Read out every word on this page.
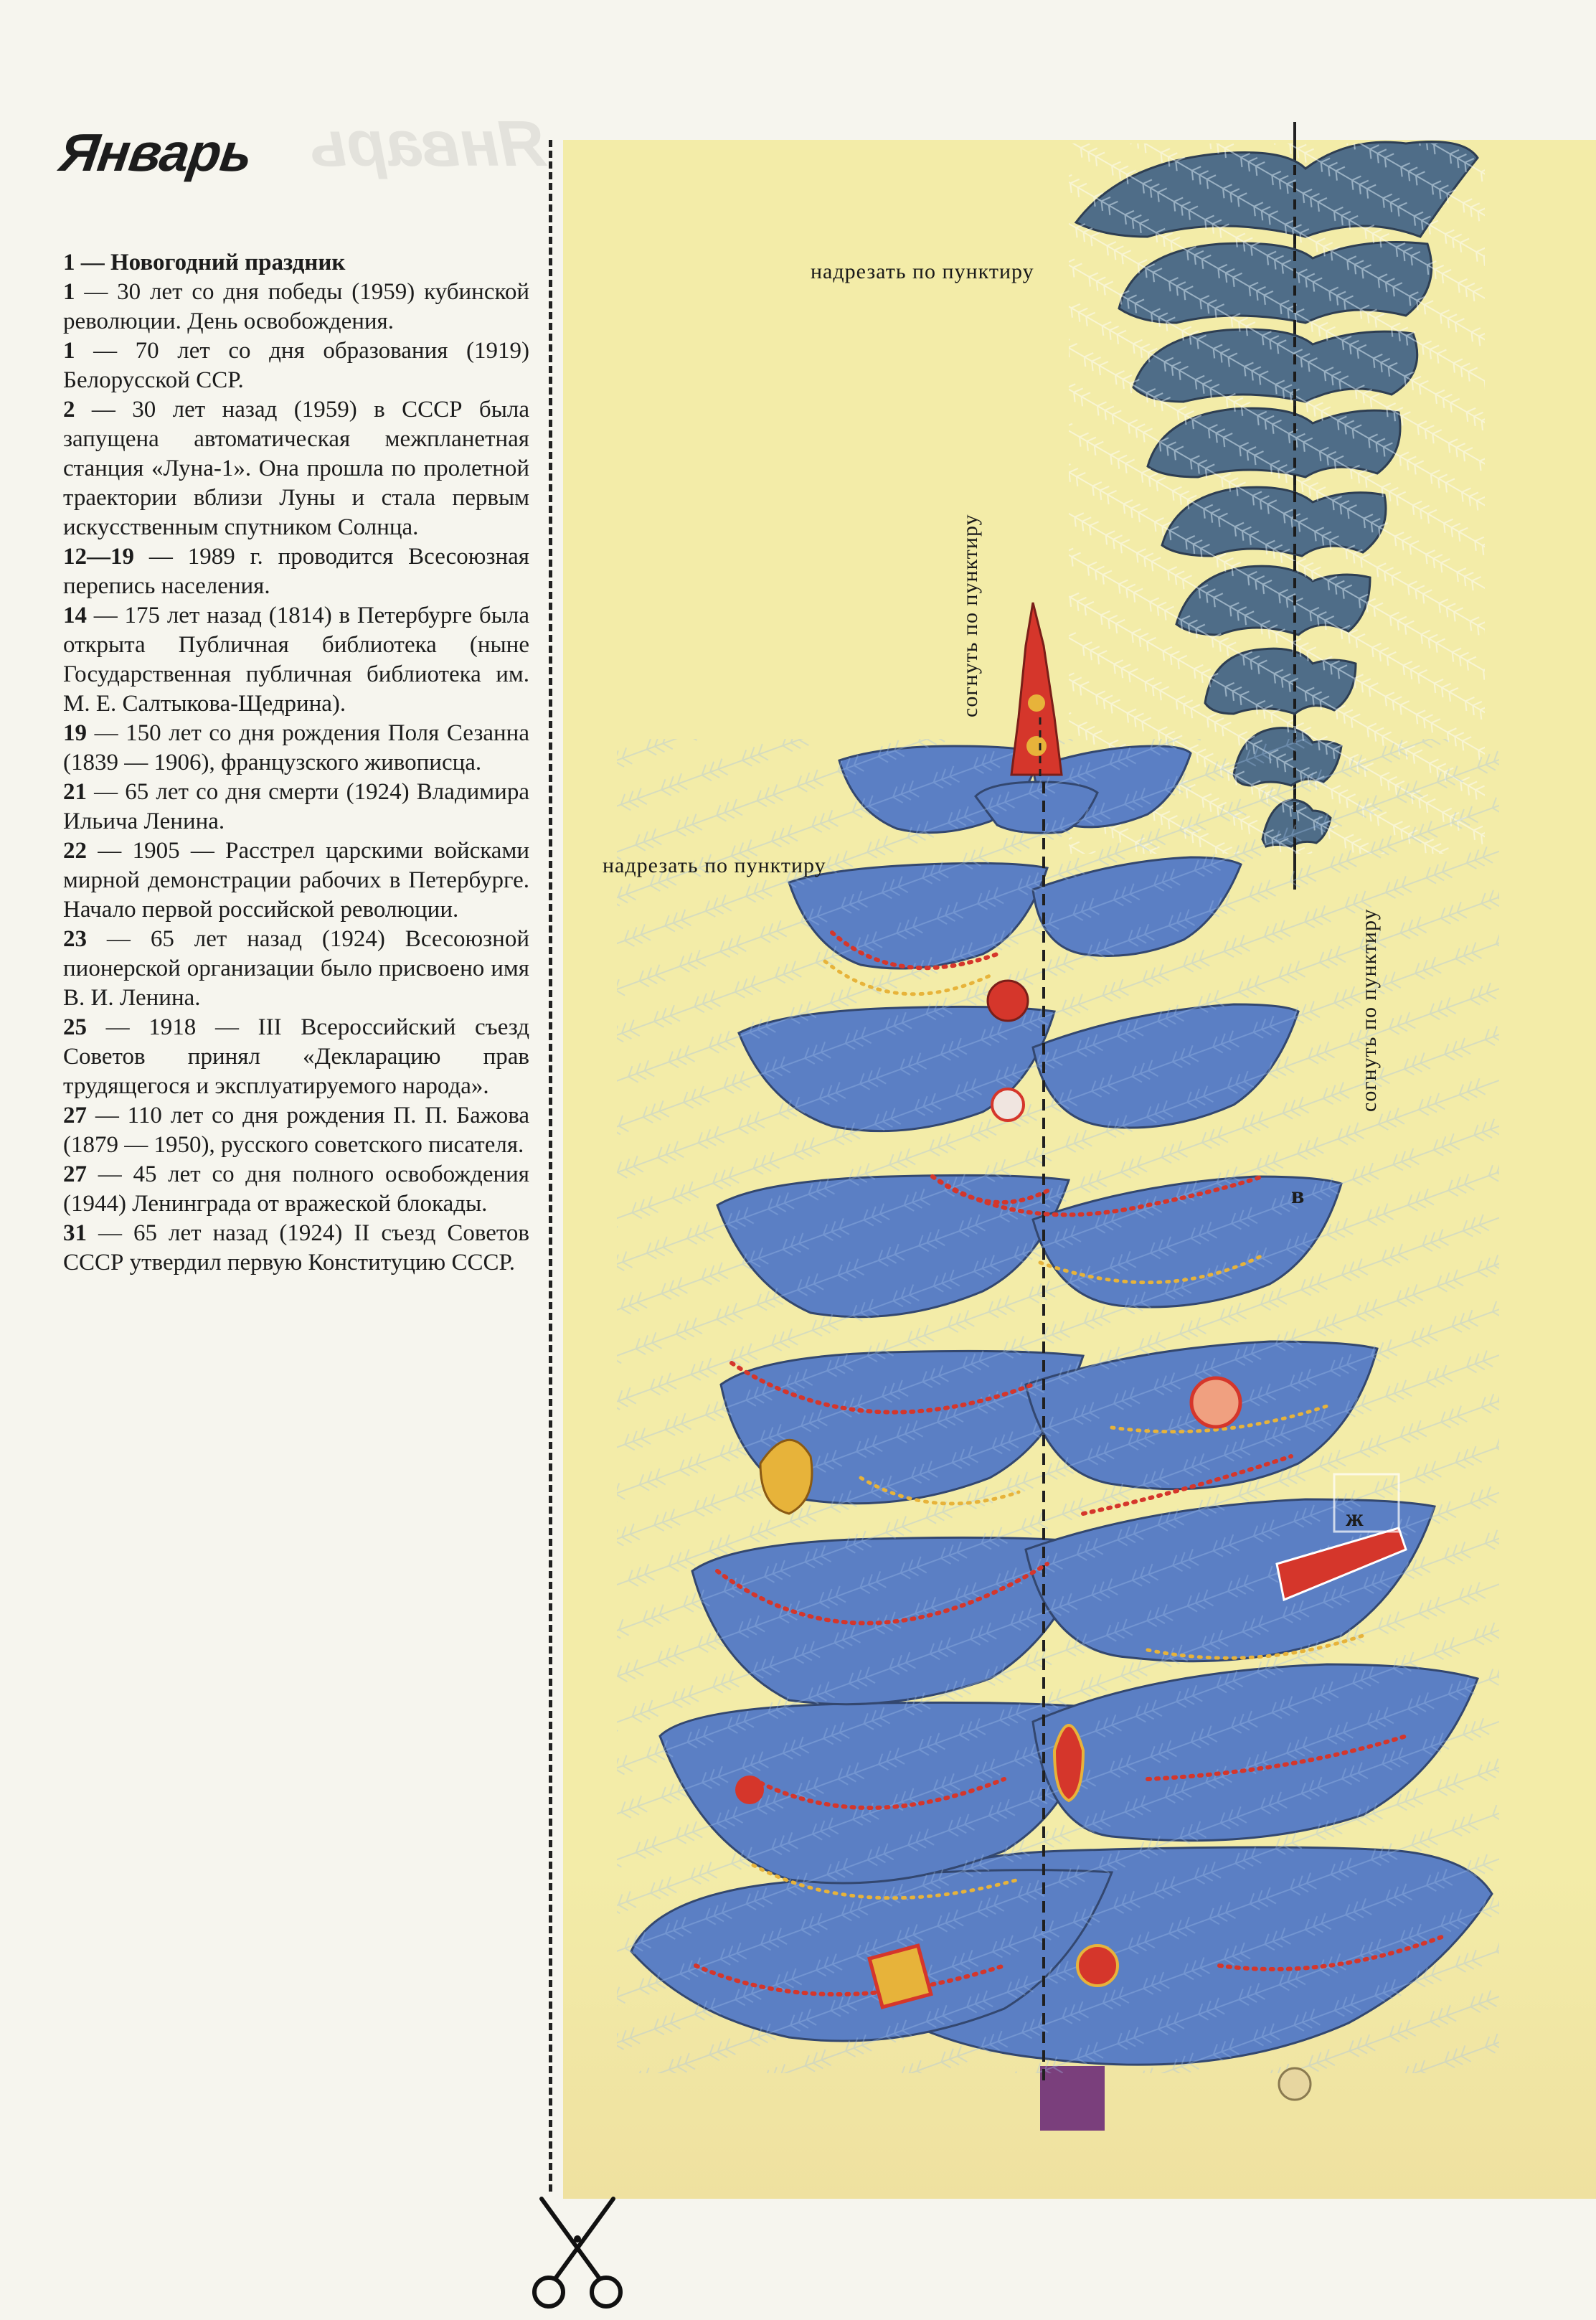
Январь
Январь

1 — Новогодний праздник

1 — 30 лет со дня победы (1959) кубинской революции. День освобождения.

1 — 70 лет со дня образования (1919) Белорусской ССР.

2 — 30 лет назад (1959) в СССР была запущена автоматическая межпланетная станция «Луна-1». Она прошла по пролетной траектории вблизи Луны и стала первым искусственным спутником Солнца.

12—19 — 1989 г. проводится Всесоюзная перепись населения.

14 — 175 лет назад (1814) в Петербурге была открыта Публичная библиотека (ныне Государственная публичная библиотека им. М. Е. Салтыкова-Щедрина).

19 — 150 лет со дня рождения Поля Сезанна (1839 — 1906), французского живописца.

21 — 65 лет со дня смерти (1924) Владимира Ильича Ленина.

22 — 1905 — Расстрел царскими войсками мирной демонстрации рабочих в Петербурге. Начало первой российской революции.

23 — 65 лет назад (1924) Всесоюзной пионерской организации было присвоено имя В. И. Ленина.

25 — 1918 — III Всероссийский съезд Советов принял «Декларацию прав трудящегося и эксплуатируемого народа».

27 — 110 лет со дня рождения П. П. Бажова (1879 — 1950), русского советского писателя.

27 — 45 лет со дня полного освобождения (1944) Ленинграда от вражеской блокады.

31 — 65 лет назад (1924) II съезд Советов СССР утвердил первую Конституцию СССР.

надрезать по пунктиру
надрезать по пунктиру
согнуть по пунктиру
согнуть по пунктиру
в
ж
